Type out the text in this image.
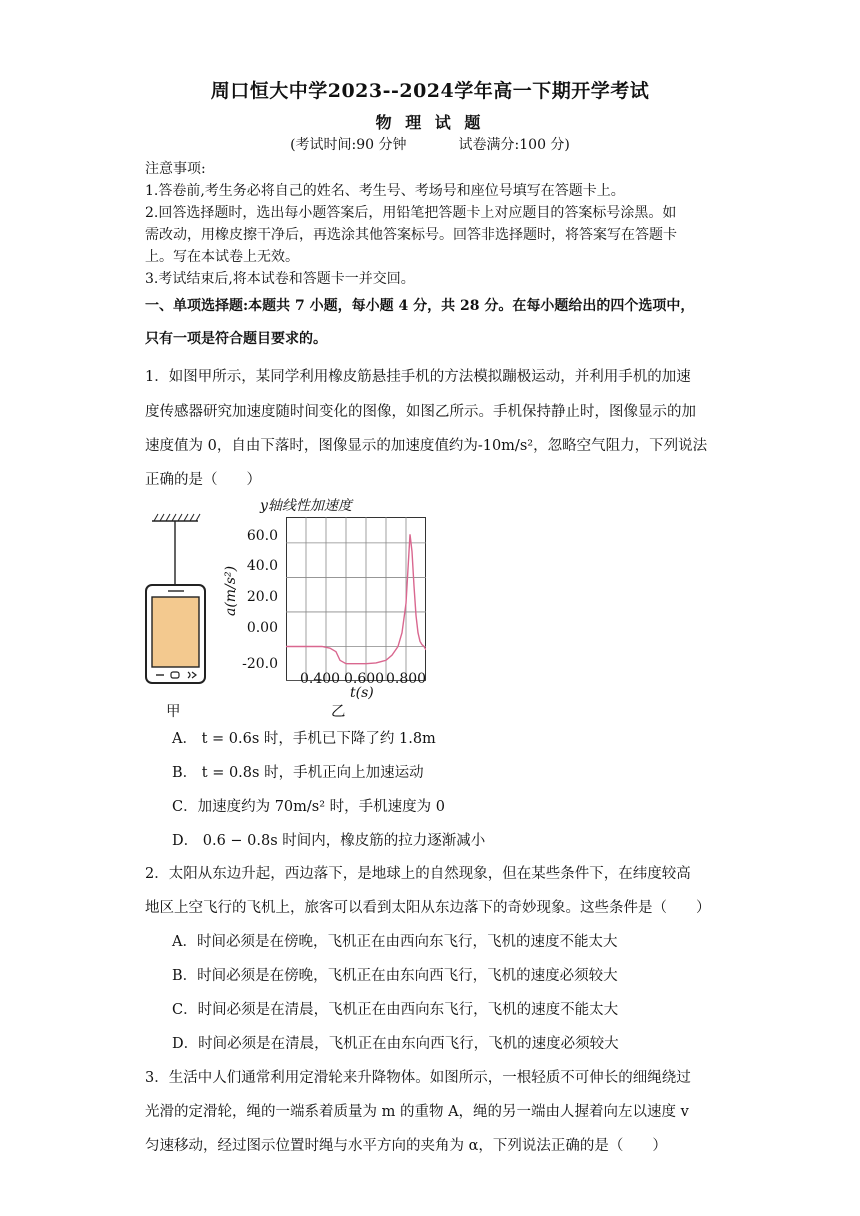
周口恒大中学2023--2024学年高一下期开学考试
物 理 试 题
(考试时间:90 分钟	试卷满分:100 分)
注意事项:
1.答卷前,考生务必将自己的姓名、考生号、考场号和座位号填写在答题卡上。
2.回答选择题时，选出每小题答案后，用铅笔把答题卡上对应题目的答案标号涂黑。如
需改动，用橡皮擦干净后，再选涂其他答案标号。回答非选择题时，将答案写在答题卡
上。写在本试卷上无效。
3.考试结束后,将本试卷和答题卡一并交回。
一、单项选择题:本题共 7 小题，每小题 4 分，共 28 分。在每小题给出的四个选项中，
只有一项是符合题目要求的。
1．如图甲所示，某同学利用橡皮筋悬挂手机的方法模拟蹦极运动，并利用手机的加速
度传感器研究加速度随时间变化的图像，如图乙所示。手机保持静止时，图像显示的加
速度值为 0，自由下落时，图像显示的加速度值约为-10m/s²，忽略空气阻力，下列说法
正确的是（　　）
甲
y轴线性加速度
a(m/s²)
60.0
40.0
20.0
0.00
-20.0
0.400 0.600 0.800
t(s)
乙
A． t = 0.6s 时，手机已下降了约 1.8m
B． t = 0.8s 时，手机正向上加速运动
C．加速度约为 70m/s² 时，手机速度为 0
D． 0.6 − 0.8s 时间内，橡皮筋的拉力逐渐减小
2．太阳从东边升起，西边落下，是地球上的自然现象，但在某些条件下，在纬度较高
地区上空飞行的飞机上，旅客可以看到太阳从东边落下的奇妙现象。这些条件是（　　）
A．时间必须是在傍晚，飞机正在由西向东飞行，飞机的速度不能太大
B．时间必须是在傍晚，飞机正在由东向西飞行，飞机的速度必须较大
C．时间必须是在清晨，飞机正在由西向东飞行，飞机的速度不能太大
D．时间必须是在清晨，飞机正在由东向西飞行，飞机的速度必须较大
3．生活中人们通常利用定滑轮来升降物体。如图所示，一根轻质不可伸长的细绳绕过
光滑的定滑轮，绳的一端系着质量为 m 的重物 A，绳的另一端由人握着向左以速度 v
匀速移动，经过图示位置时绳与水平方向的夹角为 α，下列说法正确的是（　　）
